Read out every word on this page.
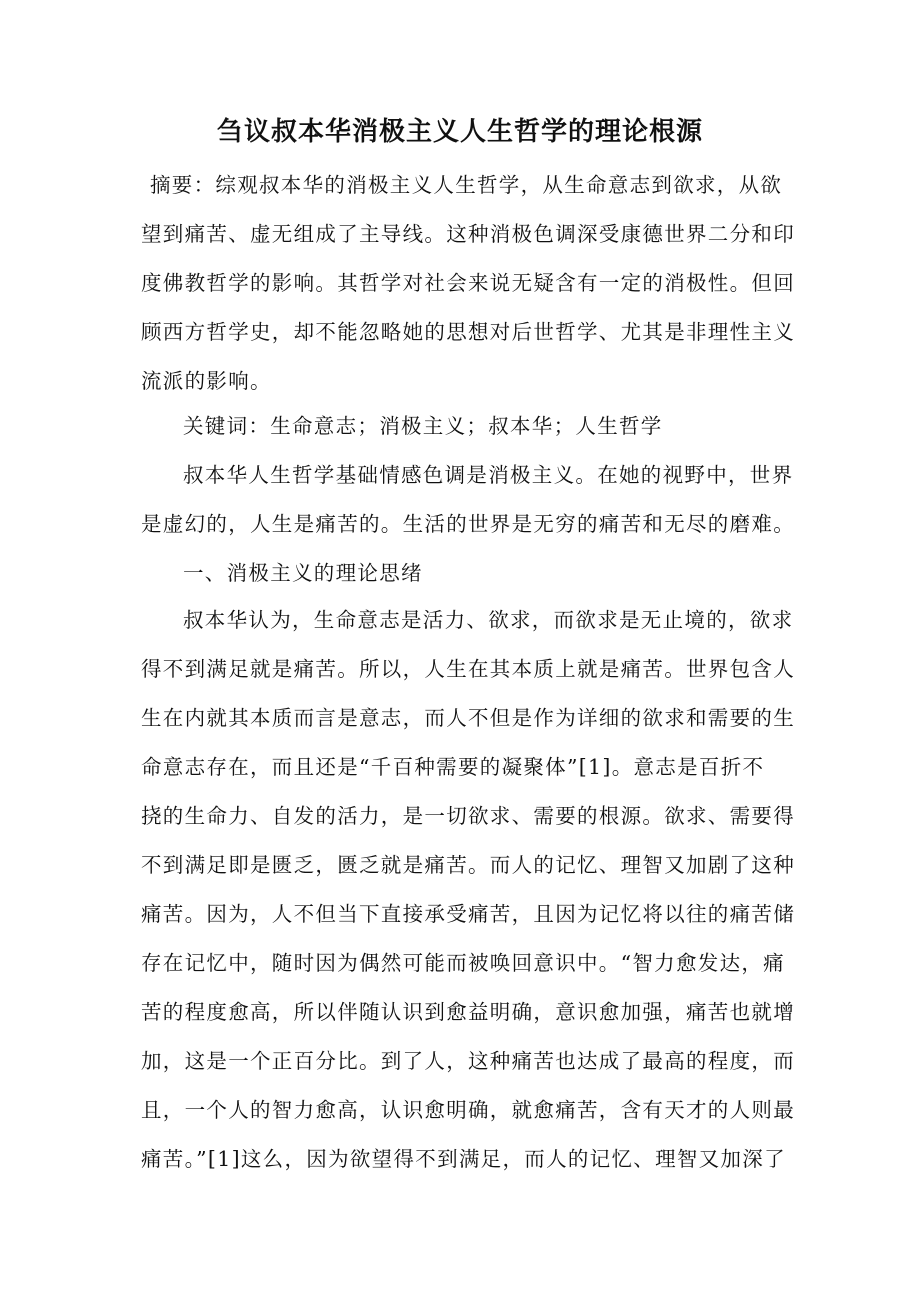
刍议叔本华消极主义人生哲学的理论根源
摘要：综观叔本华的消极主义人生哲学，从生命意志到欲求，从欲
望到痛苦、虚无组成了主导线。这种消极色调深受康德世界二分和印
度佛教哲学的影响。其哲学对社会来说无疑含有一定的消极性。但回
顾西方哲学史，却不能忽略她的思想对后世哲学、尤其是非理性主义
流派的影响。
关键词：生命意志；消极主义；叔本华；人生哲学
叔本华人生哲学基础情感色调是消极主义。在她的视野中，世界
是虚幻的，人生是痛苦的。生活的世界是无穷的痛苦和无尽的磨难。
一、消极主义的理论思绪
叔本华认为，生命意志是活力、欲求，而欲求是无止境的，欲求
得不到满足就是痛苦。所以，人生在其本质上就是痛苦。世界包含人
生在内就其本质而言是意志，而人不但是作为详细的欲求和需要的生
命意志存在，而且还是“千百种需要的凝聚体”[1]。意志是百折不
挠的生命力、自发的活力，是一切欲求、需要的根源。欲求、需要得
不到满足即是匮乏，匮乏就是痛苦。而人的记忆、理智又加剧了这种
痛苦。因为，人不但当下直接承受痛苦，且因为记忆将以往的痛苦储
存在记忆中，随时因为偶然可能而被唤回意识中。“智力愈发达，痛
苦的程度愈高，所以伴随认识到愈益明确，意识愈加强，痛苦也就增
加，这是一个正百分比。到了人，这种痛苦也达成了最高的程度，而
且，一个人的智力愈高，认识愈明确，就愈痛苦，含有天才的人则最
痛苦。”[1]这么，因为欲望得不到满足，而人的记忆、理智又加深了
